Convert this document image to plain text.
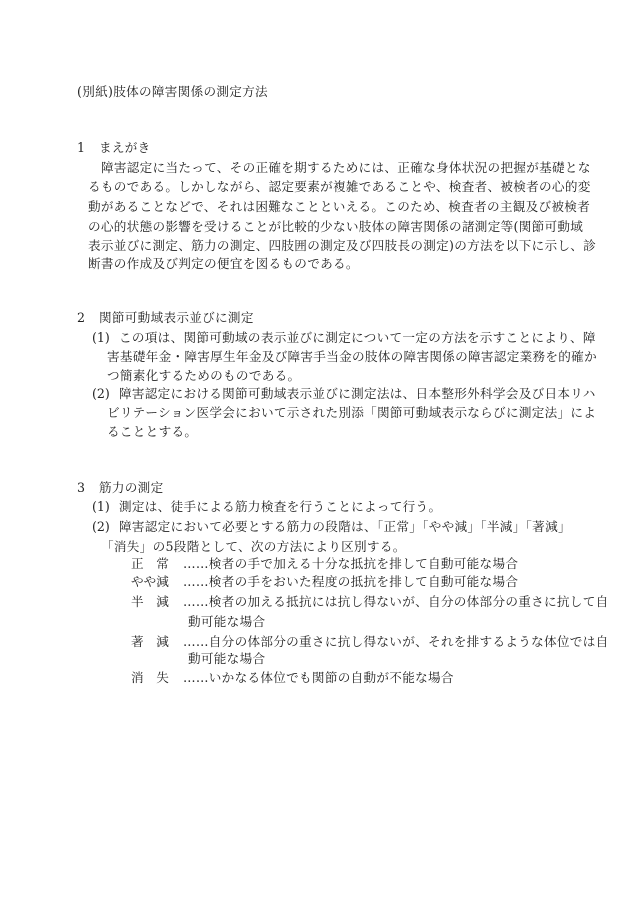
(別紙)肢体の障害関係の測定方法
1 まえがき
障害認定に当たって、その正確を期するためには、正確な身体状況の把握が基礎とな
るものである。しかしながら、認定要素が複雑であることや、検査者、被検者の心的変
動があることなどで、それは困難なことといえる。このため、検査者の主観及び被検者
の心的状態の影響を受けることが比較的少ない肢体の障害関係の諸測定等(関節可動域
表示並びに測定、筋力の測定、四肢囲の測定及び四肢長の測定)の方法を以下に示し、診
断書の作成及び判定の便宜を図るものである。
2 関節可動域表示並びに測定
(1) この項は、関節可動域の表示並びに測定について一定の方法を示すことにより、障
害基礎年金・障害厚生年金及び障害手当金の肢体の障害関係の障害認定業務を的確か
つ簡素化するためのものである。
(2) 障害認定における関節可動域表示並びに測定法は、日本整形外科学会及び日本リハ
ビリテーション医学会において示された別添「関節可動域表示ならびに測定法」によ
ることとする。
3 筋力の測定
(1) 測定は、徒手による筋力検査を行うことによって行う。
(2) 障害認定において必要とする筋力の段階は、「正常」「やや減」「半減」「著減」
「消失」の5段階として、次の方法により区別する。
正　常 ……検者の手で加える十分な抵抗を排して自動可能な場合
やや減 ……検者の手をおいた程度の抵抗を排して自動可能な場合
半　減 ……検者の加える抵抗には抗し得ないが、自分の体部分の重さに抗して自
動可能な場合
著　減 ……自分の体部分の重さに抗し得ないが、それを排するような体位では自
動可能な場合
消　失 ……いかなる体位でも関節の自動が不能な場合
